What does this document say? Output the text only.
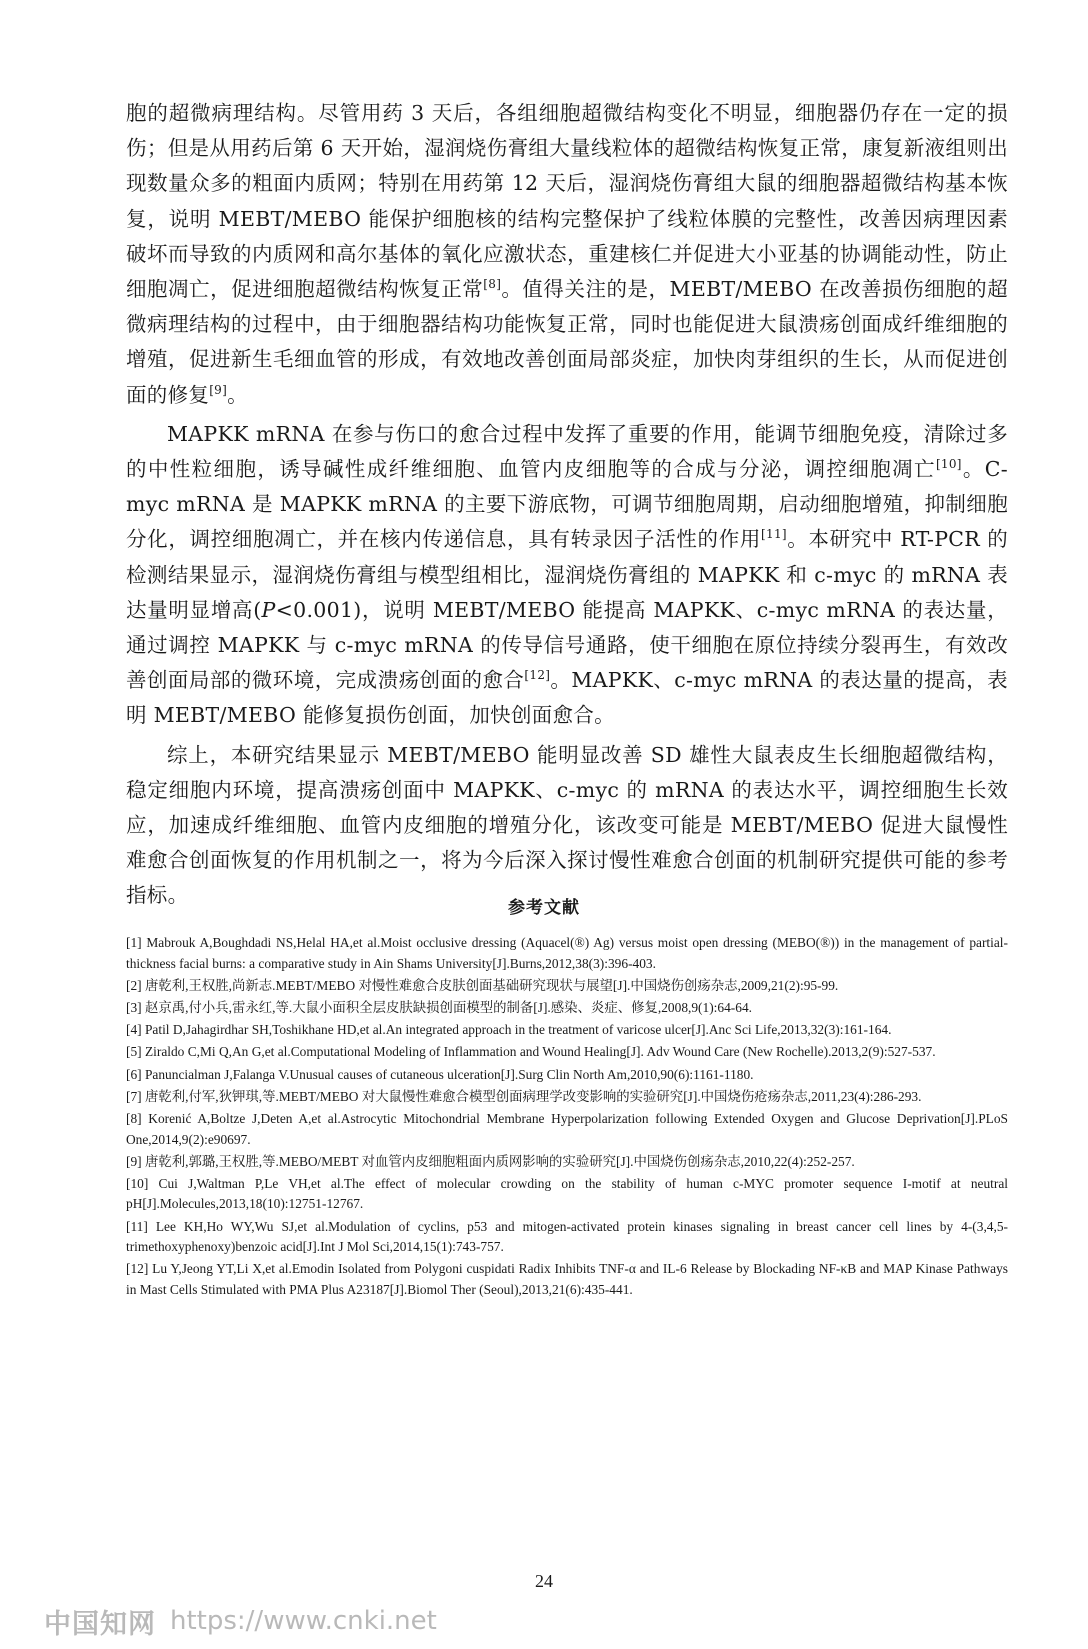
胞的超微病理结构。尽管用药 3 天后，各组细胞超微结构变化不明显，细胞器仍存在一定的损伤；但是从用药后第 6 天开始，湿润烧伤膏组大量线粒体的超微结构恢复正常，康复新液组则出现数量众多的粗面内质网；特别在用药第 12 天后，湿润烧伤膏组大鼠的细胞器超微结构基本恢复，说明 MEBT/MEBO 能保护细胞核的结构完整保护了线粒体膜的完整性，改善因病理因素破坏而导致的内质网和高尔基体的氧化应激状态，重建核仁并促进大小亚基的协调能动性，防止细胞凋亡，促进细胞超微结构恢复正常[8]。值得关注的是，MEBT/MEBO 在改善损伤细胞的超微病理结构的过程中，由于细胞器结构功能恢复正常，同时也能促进大鼠溃疡创面成纤维细胞的增殖，促进新生毛细血管的形成，有效地改善创面局部炎症，加快肉芽组织的生长，从而促进创面的修复[9]。

MAPKK mRNA 在参与伤口的愈合过程中发挥了重要的作用，能调节细胞免疫，清除过多的中性粒细胞，诱导碱性成纤维细胞、血管内皮细胞等的合成与分泌，调控细胞凋亡[10]。C-myc mRNA 是 MAPKK mRNA 的主要下游底物，可调节细胞周期，启动细胞增殖，抑制细胞分化，调控细胞凋亡，并在核内传递信息，具有转录因子活性的作用[11]。本研究中 RT-PCR 的检测结果显示，湿润烧伤膏组与模型组相比，湿润烧伤膏组的 MAPKK 和 c-myc 的 mRNA 表达量明显增高(P<0.001)，说明 MEBT/MEBO 能提高 MAPKK、c-myc mRNA 的表达量，通过调控 MAPKK 与 c-myc mRNA 的传导信号通路，使干细胞在原位持续分裂再生，有效改善创面局部的微环境，完成溃疡创面的愈合[12]。MAPKK、c-myc mRNA 的表达量的提高，表明 MEBT/MEBO 能修复损伤创面，加快创面愈合。

综上，本研究结果显示 MEBT/MEBO 能明显改善 SD 雄性大鼠表皮生长细胞超微结构，稳定细胞内环境，提高溃疡创面中 MAPKK、c-myc 的 mRNA 的表达水平，调控细胞生长效应，加速成纤维细胞、血管内皮细胞的增殖分化，该改变可能是 MEBT/MEBO 促进大鼠慢性难愈合创面恢复的作用机制之一，将为今后深入探讨慢性难愈合创面的机制研究提供可能的参考指标。

参考文献
[1] Mabrouk A,Boughdadi NS,Helal HA,et al.Moist occlusive dressing (Aquacel(®) Ag) versus moist open dressing (MEBO(®)) in the management of partial-thickness facial burns: a comparative study in Ain Shams University[J].Burns,2012,38(3):396-403.
[2] 唐乾利,王权胜,尚新志.MEBT/MEBO 对慢性难愈合皮肤创面基础研究现状与展望[J].中国烧伤创疡杂志,2009,21(2):95-99.
[3] 赵京禹,付小兵,雷永红,等.大鼠小面积全层皮肤缺损创面模型的制备[J].感染、炎症、修复,2008,9(1):64-64.
[4] Patil D,Jahagirdhar SH,Toshikhane HD,et al.An integrated approach in the treatment of varicose ulcer[J].Anc Sci Life,2013,32(3):161-164.
[5] Ziraldo C,Mi Q,An G,et al.Computational Modeling of Inflammation and Wound Healing[J]. Adv Wound Care (New Rochelle).2013,2(9):527-537.
[6] Panuncialman J,Falanga V.Unusual causes of cutaneous ulceration[J].Surg Clin North Am,2010,90(6):1161-1180.
[7] 唐乾利,付军,狄钾琪,等.MEBT/MEBO 对大鼠慢性难愈合模型创面病理学改变影响的实验研究[J].中国烧伤疮疡杂志,2011,23(4):286-293.
[8] Korenić A,Boltze J,Deten A,et al.Astrocytic Mitochondrial Membrane Hyperpolarization following Extended Oxygen and Glucose Deprivation[J].PLoS One,2014,9(2):e90697.
[9] 唐乾利,郭璐,王权胜,等.MEBO/MEBT 对血管内皮细胞粗面内质网影响的实验研究[J].中国烧伤创疡杂志,2010,22(4):252-257.
[10] Cui J,Waltman P,Le VH,et al.The effect of molecular crowding on the stability of human c-MYC promoter sequence I-motif at neutral pH[J].Molecules,2013,18(10):12751-12767.
[11] Lee KH,Ho WY,Wu SJ,et al.Modulation of cyclins, p53 and mitogen-activated protein kinases signaling in breast cancer cell lines by 4-(3,4,5-trimethoxyphenoxy)benzoic acid[J].Int J Mol Sci,2014,15(1):743-757.
[12] Lu Y,Jeong YT,Li X,et al.Emodin Isolated from Polygoni cuspidati Radix Inhibits TNF-α and IL-6 Release by Blockading NF-κB and MAP Kinase Pathways in Mast Cells Stimulated with PMA Plus A23187[J].Biomol Ther (Seoul),2013,21(6):435-441.
24
中国知网 https://www.cnki.net
